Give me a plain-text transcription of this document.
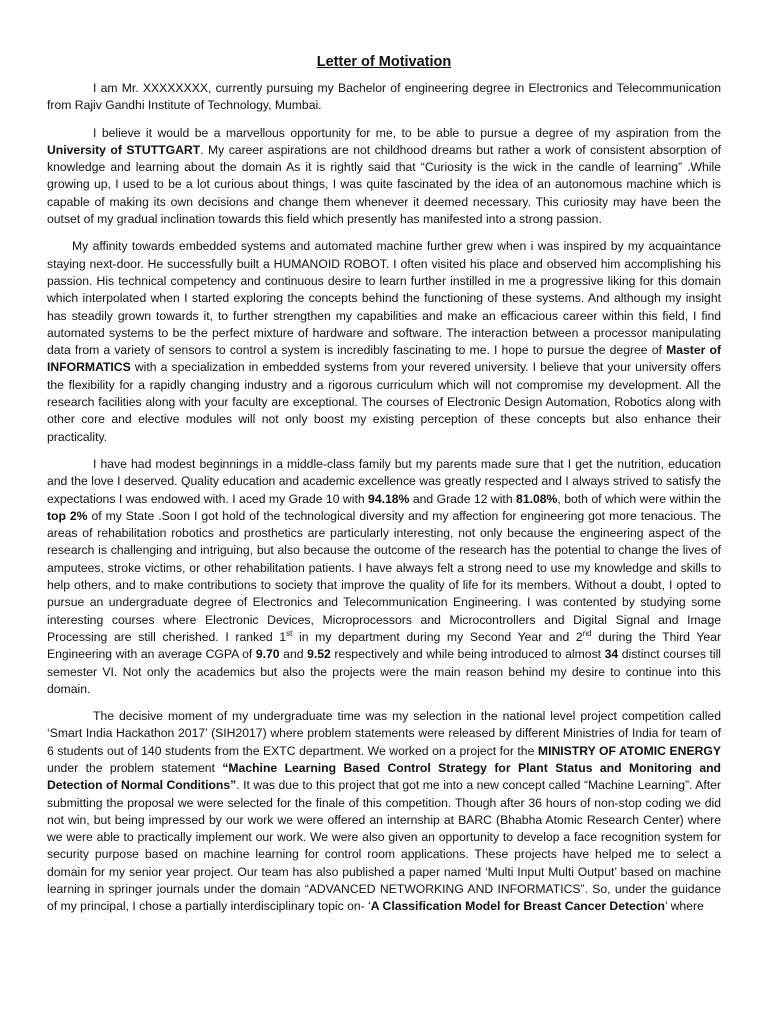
Letter of Motivation

I am Mr. XXXXXXXX, currently pursuing my Bachelor of engineering degree in Electronics and Telecommunication from Rajiv Gandhi Institute of Technology, Mumbai.

I believe it would be a marvellous opportunity for me, to be able to pursue a degree of my aspiration from the University of STUTTGART. My career aspirations are not childhood dreams but rather a work of consistent absorption of knowledge and learning about the domain As it is rightly said that “Curiosity is the wick in the candle of learning” .While growing up, I used to be a lot curious about things, I was quite fascinated by the idea of an autonomous machine which is capable of making its own decisions and change them whenever it deemed necessary. This curiosity may have been the outset of my gradual inclination towards this field which presently has manifested into a strong passion.

My affinity towards embedded systems and automated machine further grew when i was inspired by my acquaintance staying next-door. He successfully built a HUMANOID ROBOT. I often visited his place and observed him accomplishing his passion. His technical competency and continuous desire to learn further instilled in me a progressive liking for this domain which interpolated when I started exploring the concepts behind the functioning of these systems. And although my insight has steadily grown towards it, to further strengthen my capabilities and make an efficacious career within this field, I find automated systems to be the perfect mixture of hardware and software. The interaction between a processor manipulating data from a variety of sensors to control a system is incredibly fascinating to me. I hope to pursue the degree of Master of INFORMATICS with a specialization in embedded systems from your revered university. I believe that your university offers the flexibility for a rapidly changing industry and a rigorous curriculum which will not compromise my development. All the research facilities along with your faculty are exceptional. The courses of Electronic Design Automation, Robotics along with other core and elective modules will not only boost my existing perception of these concepts but also enhance their practicality.

I have had modest beginnings in a middle-class family but my parents made sure that I get the nutrition, education and the love I deserved. Quality education and academic excellence was greatly respected and I always strived to satisfy the expectations I was endowed with. I aced my Grade 10 with 94.18% and Grade 12 with 81.08%, both of which were within the top 2% of my State .Soon I got hold of the technological diversity and my affection for engineering got more tenacious. The areas of rehabilitation robotics and prosthetics are particularly interesting, not only because the engineering aspect of the research is challenging and intriguing, but also because the outcome of the research has the potential to change the lives of amputees, stroke victims, or other rehabilitation patients. I have always felt a strong need to use my knowledge and skills to help others, and to make contributions to society that improve the quality of life for its members. Without a doubt, I opted to pursue an undergraduate degree of Electronics and Telecommunication Engineering. I was contented by studying some interesting courses where Electronic Devices, Microprocessors and Microcontrollers and Digital Signal and Image Processing are still cherished. I ranked 1st in my department during my Second Year and 2nd during the Third Year Engineering with an average CGPA of 9.70 and 9.52 respectively and while being introduced to almost 34 distinct courses till semester VI. Not only the academics but also the projects were the main reason behind my desire to continue into this domain.

The decisive moment of my undergraduate time was my selection in the national level project competition called ‘Smart India Hackathon 2017’ (SIH2017) where problem statements were released by different Ministries of India for team of 6 students out of 140 students from the EXTC department. We worked on a project for the MINISTRY OF ATOMIC ENERGY under the problem statement “Machine Learning Based Control Strategy for Plant Status and Monitoring and Detection of Normal Conditions”. It was due to this project that got me into a new concept called “Machine Learning”. After submitting the proposal we were selected for the finale of this competition. Though after 36 hours of non-stop coding we did not win, but being impressed by our work we were offered an internship at BARC (Bhabha Atomic Research Center) where we were able to practically implement our work. We were also given an opportunity to develop a face recognition system for security purpose based on machine learning for control room applications. These projects have helped me to select a domain for my senior year project. Our team has also published a paper named ‘Multi Input Multi Output’ based on machine learning in springer journals under the domain “ADVANCED NETWORKING AND INFORMATICS”. So, under the guidance of my principal, I chose a partially interdisciplinary topic on- ‘A Classification Model for Breast Cancer Detection’ where
